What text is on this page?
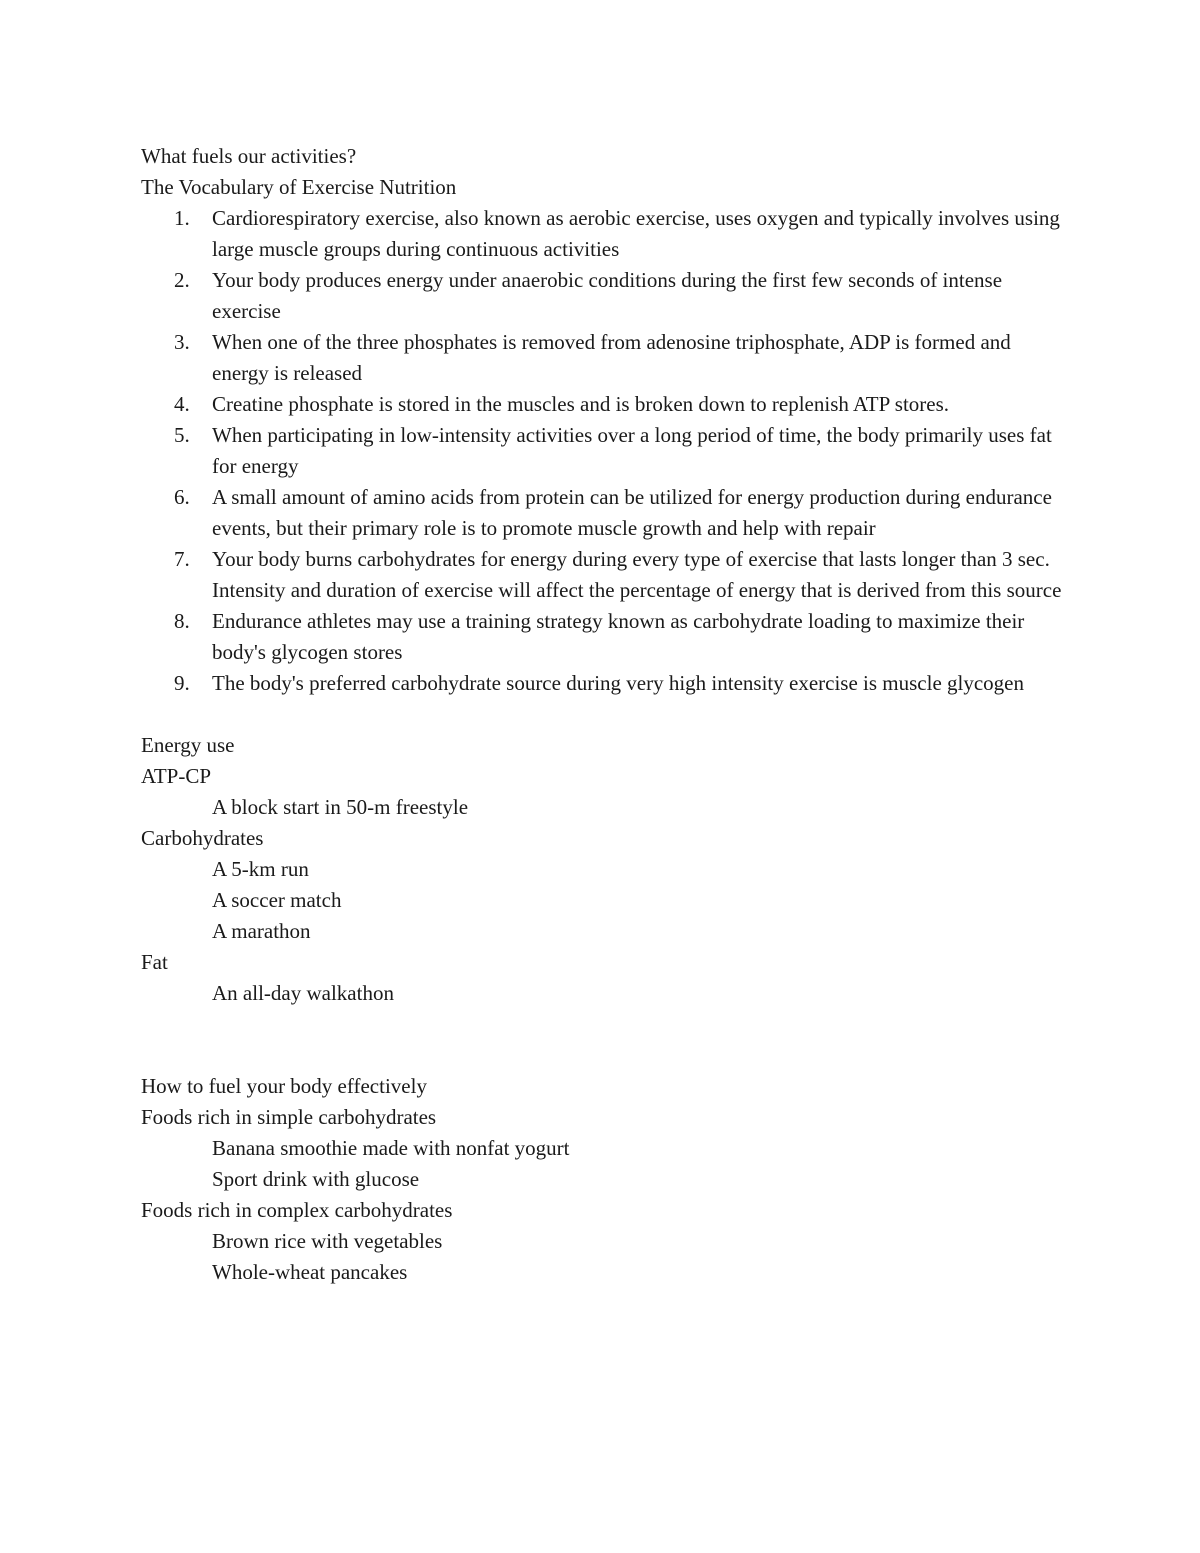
What fuels our activities?
The Vocabulary of Exercise Nutrition
1. Cardiorespiratory exercise, also known as aerobic exercise, uses oxygen and typically involves using large muscle groups during continuous activities
2. Your body produces energy under anaerobic conditions during the first few seconds of intense exercise
3. When one of the three phosphates is removed from adenosine triphosphate, ADP is formed and energy is released
4. Creatine phosphate is stored in the muscles and is broken down to replenish ATP stores.
5. When participating in low-intensity activities over a long period of time, the body primarily uses fat for energy
6. A small amount of amino acids from protein can be utilized for energy production during endurance events, but their primary role is to promote muscle growth and help with repair
7. Your body burns carbohydrates for energy during every type of exercise that lasts longer than 3 sec. Intensity and duration of exercise will affect the percentage of energy that is derived from this source
8. Endurance athletes may use a training strategy known as carbohydrate loading to maximize their body's glycogen stores
9. The body's preferred carbohydrate source during very high intensity exercise is muscle glycogen
Energy use
ATP-CP
A block start in 50-m freestyle
Carbohydrates
A 5-km run
A soccer match
A marathon
Fat
An all-day walkathon
How to fuel your body effectively
Foods rich in simple carbohydrates
Banana smoothie made with nonfat yogurt
Sport drink with glucose
Foods rich in complex carbohydrates
Brown rice with vegetables
Whole-wheat pancakes
